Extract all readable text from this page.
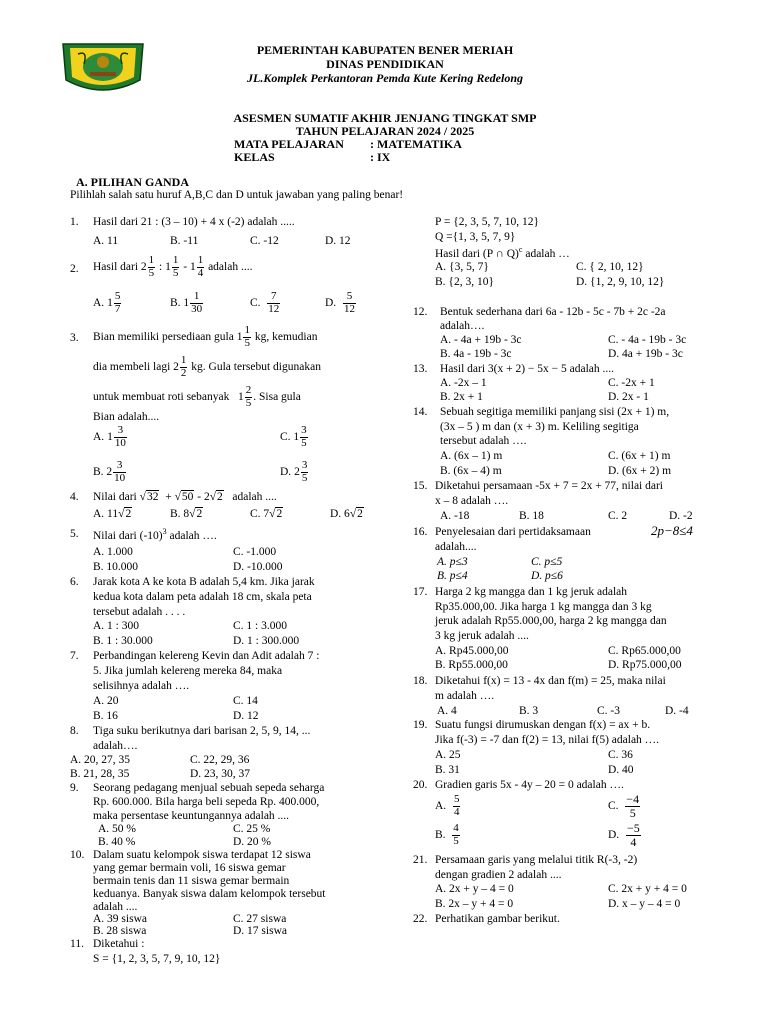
PEMERINTAH KABUPATEN BENER MERIAH
DINAS PENDIDIKAN
JL.Komplek Perkantoran Pemda Kute Kering Redelong
ASESMEN SUMATIF AKHIR JENJANG TINGKAT SMP
TAHUN PELAJARAN 2024 / 2025
MATA PELAJARAN : MATEMATIKA
KELAS	: IX
A. PILIHAN GANDA
Pilihlah salah satu huruf A,B,C dan D untuk jawaban yang paling benar!
1. Hasil dari 21 : (3 – 10) + 4 x (-2) adalah .....
A. 11	B. -11	C. -12	D. 12
2. Hasil dari $2 \frac{1}{5}$ : $1 \frac{1}{5} - 1 \frac{1}{4}$ adalah ....
A. $1 \frac{5}{7}$	B. $1 \frac{1}{30}$	C. $\frac{7}{12}$	D. $\frac{5}{12}$
3. Bian memiliki persediaan gula $1 \frac{1}{5}$ kg, kemudian
dia membeli lagi $2 \frac{1}{2}$ kg. Gula tersebut digunakan
untuk membuat roti sebanyak $1 \frac{2}{5}$ . Sisa gula
Bian adalah....
A. $1 \frac{3}{10}$	C. $1 \frac{3}{5}$
B. $2 \frac{3}{10}$	D. $2 \frac{3}{5}$
4. Nilai dari √32 + √50 - 2√2 adalah ....
A. 11√2	B. 8√2	C. 7√2	D. 6√2
5. Nilai dari $(-10)^3$ adalah ….
A. 1.000	C. -1.000
B. 10.000	D. -10.000
6. Jarak kota A ke kota B adalah 5,4 km. Jika jarak
kedua kota dalam peta adalah 18 cm, skala peta
tersebut adalah . . . .
A. 1 : 300	C. 1 : 3.000
B. 1 : 30.000	D. 1 : 300.000
7. Perbandingan kelereng Kevin dan Adit adalah 7 :
5. Jika jumlah kelereng mereka 84, maka
selisihnya adalah ….
A. 20	C. 14
B. 16	D. 12
8. Tiga suku berikutnya dari barisan 2, 5, 9, 14, ...
adalah….
A. 20, 27, 35	C. 22, 29, 36
B. 21, 28, 35	D. 23, 30, 37
9. Seorang pedagang menjual sebuah sepeda seharga
Rp. 600.000. Bila harga beli sepeda Rp. 400.000,
maka persentase keuntungannya adalah ....
A. 50 %	C. 25 %
B. 40 %	D. 20 %
10. Dalam suatu kelompok siswa terdapat 12 siswa
yang gemar bermain voli, 16 siswa gemar
bermain tenis dan 11 siswa gemar bermain
keduanya. Banyak siswa dalam kelompok tersebut
adalah ....
A. 39 siswa	C. 27 siswa
B. 28 siswa	D. 17 siswa
11. Diketahui :
S = {1, 2, 3, 5, 7, 9, 10, 12}
P = {2, 3, 5, 7, 10, 12}
Q ={1, 3, 5, 7, 9}
Hasil dari (P ∩ Q)$^c$ adalah …
A. {3, 5, 7}	C. { 2, 10, 12}
B. {2, 3, 10}	D. {1, 2, 9, 10, 12}
12. Bentuk sederhana dari 6a - 12b - 5c - 7b + 2c -2a
adalah….
A. - 4a + 19b - 3c	C. - 4a - 19b - 3c
B. 4a - 19b - 3c	D. 4a + 19b - 3c
13. Hasil dari 3(x + 2) − 5x − 5 adalah ....
A. -2x – 1	C. -2x + 1
B. 2x + 1	D. 2x - 1
14. Sebuah segitiga memiliki panjang sisi (2x + 1) m,
(3x – 5 ) m dan (x + 3) m. Keliling segitiga
tersebut adalah ….
A. (6x – 1) m	C. (6x + 1) m
B. (6x – 4) m	D. (6x + 2) m
15. Diketahui persamaan -5x + 7 = 2x + 77, nilai dari
x – 8 adalah ….
A. -18	B. 18	C. 2	D. -2
16. Penyelesaian dari pertidaksamaan	2p−8≤4
adalah....
A. p≤3	C. p≤5
B. p≤4	D. p≤6
17. Harga 2 kg mangga dan 1 kg jeruk adalah
Rp35.000,00. Jika harga 1 kg mangga dan 3 kg
jeruk adalah Rp55.000,00, harga 2 kg mangga dan
3 kg jeruk adalah ....
A. Rp45.000,00	C. Rp65.000,00
B. Rp55.000,00	D. Rp75.000,00
18. Diketahui f(x) = 13 - 4x dan f(m) = 25, maka nilai
m adalah ….
A. 4	B. 3	C. -3	D. -4
19. Suatu fungsi dirumuskan dengan f(x) = ax + b.
Jika f(-3) = -7 dan f(2) = 13, nilai f(5) adalah ….
A. 25	C. 36
B. 31	D. 40
20. Gradien garis 5x - 4y – 20 = 0 adalah ….
A. $\frac{5}{4}$	C. $\frac{-4}{5}$
B. $\frac{4}{5}$	D. $\frac{-5}{4}$
21. Persamaan garis yang melalui titik R(-3, -2)
dengan gradien 2 adalah ....
A. 2x + y – 4 = 0	C. 2x + y + 4 = 0
B. 2x – y + 4 = 0	D. x – y – 4 = 0
22. Perhatikan gambar berikut.
